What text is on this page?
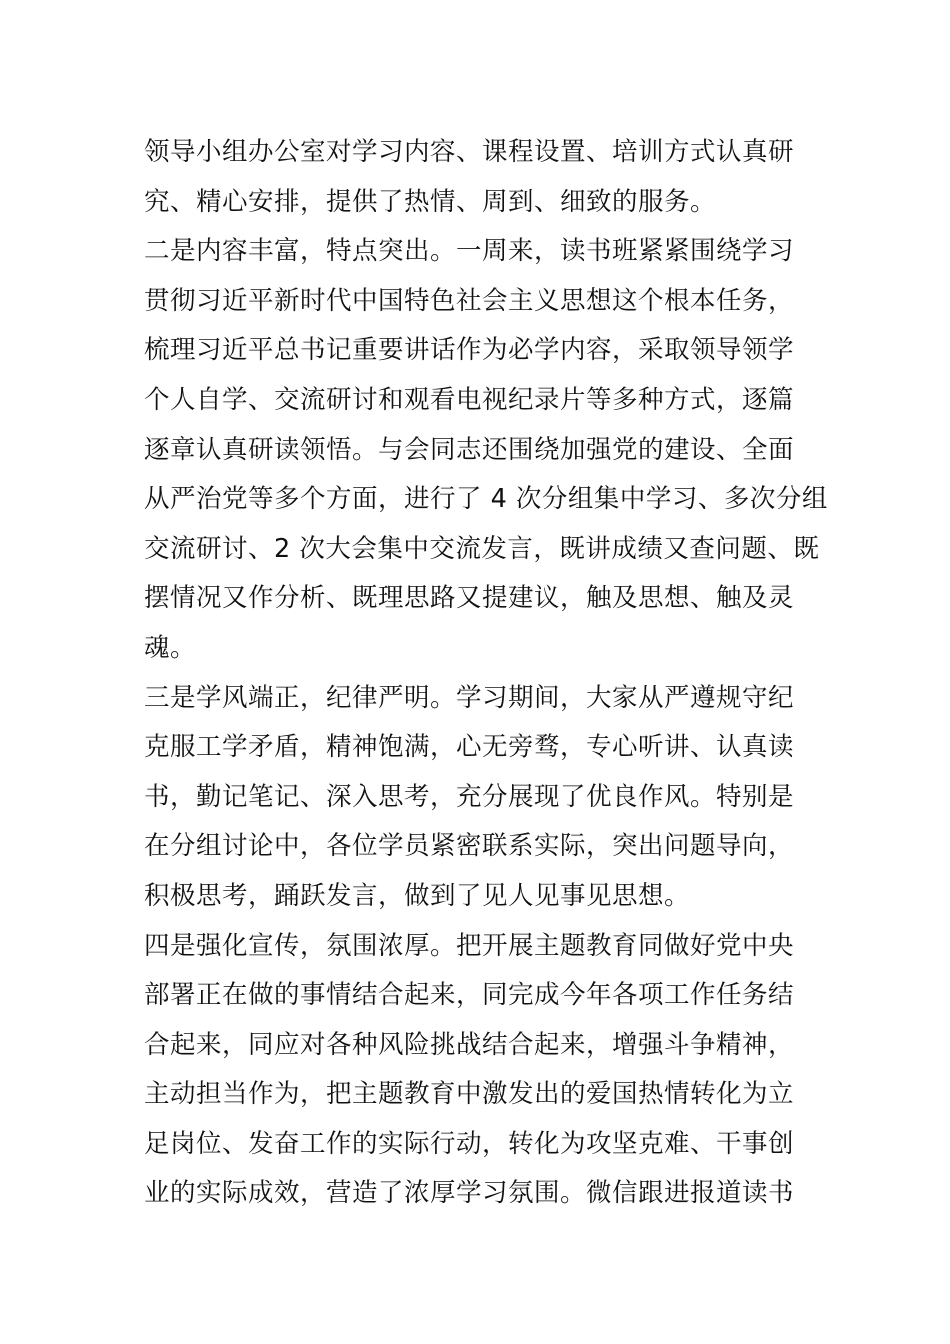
领导小组办公室对学习内容、课程设置、培训方式认真研
究、精心安排，提供了热情、周到、细致的服务。
二是内容丰富，特点突出。一周来，读书班紧紧围绕学习
贯彻习近平新时代中国特色社会主义思想这个根本任务，
梳理习近平总书记重要讲话作为必学内容，采取领导领学
个人自学、交流研讨和观看电视纪录片等多种方式，逐篇
逐章认真研读领悟。与会同志还围绕加强党的建设、全面
从严治党等多个方面，进行了 4 次分组集中学习、多次分组
交流研讨、2 次大会集中交流发言，既讲成绩又查问题、既
摆情况又作分析、既理思路又提建议，触及思想、触及灵
魂。
三是学风端正，纪律严明。学习期间，大家从严遵规守纪
克服工学矛盾，精神饱满，心无旁骛，专心听讲、认真读
书，勤记笔记、深入思考，充分展现了优良作风。特别是
在分组讨论中，各位学员紧密联系实际，突出问题导向，
积极思考，踊跃发言，做到了见人见事见思想。
四是强化宣传，氛围浓厚。把开展主题教育同做好党中央
部署正在做的事情结合起来，同完成今年各项工作任务结
合起来，同应对各种风险挑战结合起来，增强斗争精神，
主动担当作为，把主题教育中激发出的爱国热情转化为立
足岗位、发奋工作的实际行动，转化为攻坚克难、干事创
业的实际成效，营造了浓厚学习氛围。微信跟进报道读书
